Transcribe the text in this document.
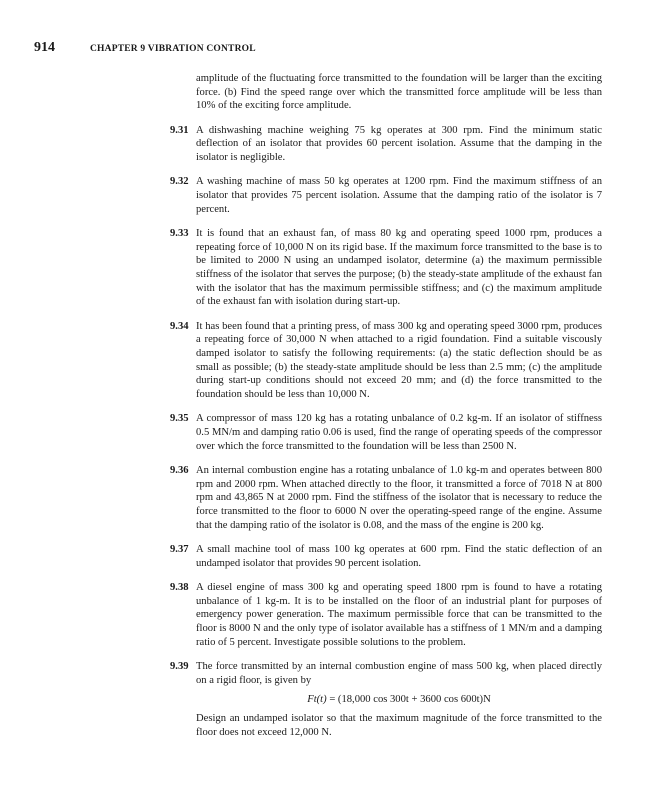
914	CHAPTER 9 VIBRATION CONTROL

amplitude of the fluctuating force transmitted to the foundation will be larger than the exciting force. (b) Find the speed range over which the transmitted force amplitude will be less than 10% of the exciting force amplitude.

9.31 A dishwashing machine weighing 75 kg operates at 300 rpm. Find the minimum static deflection of an isolator that provides 60 percent isolation. Assume that the damping in the isolator is negligible.

9.32 A washing machine of mass 50 kg operates at 1200 rpm. Find the maximum stiffness of an isolator that provides 75 percent isolation. Assume that the damping ratio of the isolator is 7 percent.

9.33 It is found that an exhaust fan, of mass 80 kg and operating speed 1000 rpm, produces a repeating force of 10,000 N on its rigid base. If the maximum force transmitted to the base is to be limited to 2000 N using an undamped isolator, determine (a) the maximum permissible stiffness of the isolator that serves the purpose; (b) the steady-state amplitude of the exhaust fan with the isolator that has the maximum permissible stiffness; and (c) the maximum amplitude of the exhaust fan with isolation during start-up.

9.34 It has been found that a printing press, of mass 300 kg and operating speed 3000 rpm, produces a repeating force of 30,000 N when attached to a rigid foundation. Find a suitable viscously damped isolator to satisfy the following requirements: (a) the static deflection should be as small as possible; (b) the steady-state amplitude should be less than 2.5 mm; (c) the amplitude during start-up conditions should not exceed 20 mm; and (d) the force transmitted to the foundation should be less than 10,000 N.

9.35 A compressor of mass 120 kg has a rotating unbalance of 0.2 kg-m. If an isolator of stiffness 0.5 MN/m and damping ratio 0.06 is used, find the range of operating speeds of the compressor over which the force transmitted to the foundation will be less than 2500 N.

9.36 An internal combustion engine has a rotating unbalance of 1.0 kg-m and operates between 800 rpm and 2000 rpm. When attached directly to the floor, it transmitted a force of 7018 N at 800 rpm and 43,865 N at 2000 rpm. Find the stiffness of the isolator that is necessary to reduce the force transmitted to the floor to 6000 N over the operating-speed range of the engine. Assume that the damping ratio of the isolator is 0.08, and the mass of the engine is 200 kg.

9.37 A small machine tool of mass 100 kg operates at 600 rpm. Find the static deflection of an undamped isolator that provides 90 percent isolation.

9.38 A diesel engine of mass 300 kg and operating speed 1800 rpm is found to have a rotating unbalance of 1 kg-m. It is to be installed on the floor of an industrial plant for purposes of emergency power generation. The maximum permissible force that can be transmitted to the floor is 8000 N and the only type of isolator available has a stiffness of 1 MN/m and a damping ratio of 5 percent. Investigate possible solutions to the problem.

9.39 The force transmitted by an internal combustion engine of mass 500 kg, when placed directly on a rigid floor, is given by

Ft(t) = (18,000 cos 300t + 3600 cos 600t)N

Design an undamped isolator so that the maximum magnitude of the force transmitted to the floor does not exceed 12,000 N.
